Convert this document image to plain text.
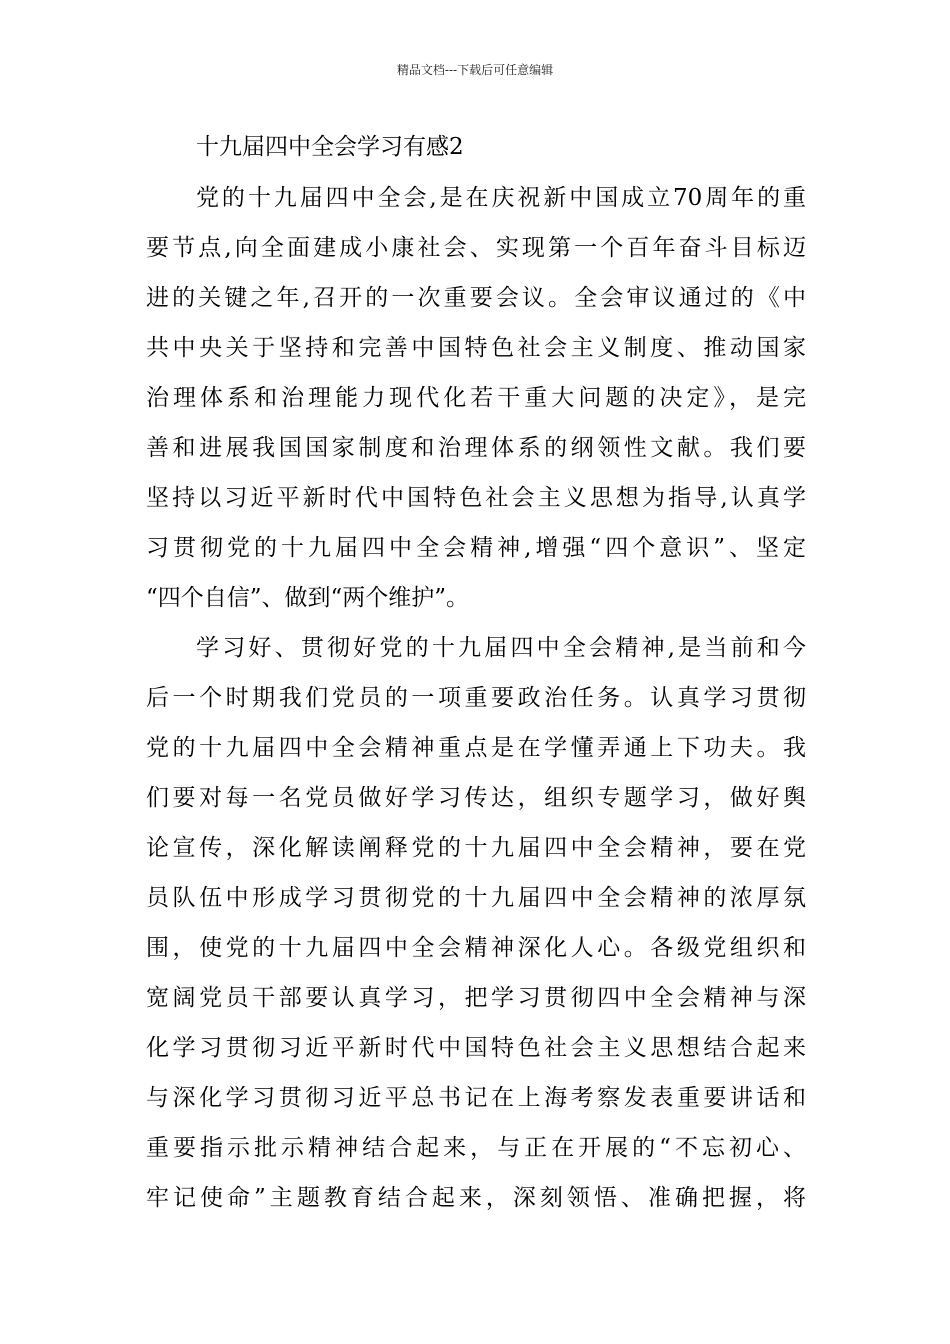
精品文档---下载后可任意编辑
十九届四中全会学习有感2
党的十九届四中全会,是在庆祝新中国成立70周年的重
要节点,向全面建成小康社会、实现第一个百年奋斗目标迈
进的关键之年,召开的一次重要会议。全会审议通过的《中
共中央关于坚持和完善中国特色社会主义制度、推动国家
治理体系和治理能力现代化若干重大问题的决定》，是完
善和进展我国国家制度和治理体系的纲领性文献。我们要
坚持以习近平新时代中国特色社会主义思想为指导,认真学
习贯彻党的十九届四中全会精神,增强“四个意识”、坚定
“四个自信”、做到“两个维护”。
学习好、贯彻好党的十九届四中全会精神,是当前和今
后一个时期我们党员的一项重要政治任务。认真学习贯彻
党的十九届四中全会精神重点是在学懂弄通上下功夫。我
们要对每一名党员做好学习传达，组织专题学习，做好舆
论宣传，深化解读阐释党的十九届四中全会精神，要在党
员队伍中形成学习贯彻党的十九届四中全会精神的浓厚氛
围，使党的十九届四中全会精神深化人心。各级党组织和
宽阔党员干部要认真学习，把学习贯彻四中全会精神与深
化学习贯彻习近平新时代中国特色社会主义思想结合起来
与深化学习贯彻习近平总书记在上海考察发表重要讲话和
重要指示批示精神结合起来，与正在开展的“不忘初心、
牢记使命”主题教育结合起来，深刻领悟、准确把握，将
